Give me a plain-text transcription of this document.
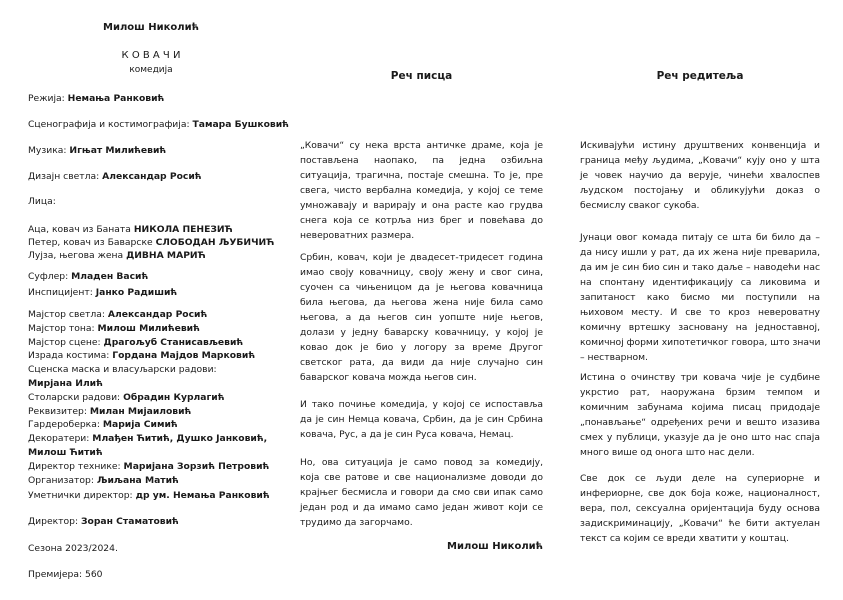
Милош Николић
К О В А Ч И
комедија
Режија: Немања Ранковић
Сценографија и костимографија: Тамара Бушковић
Музика: Игњат Милићевић
Дизајн светла: Александар Росић
Лица:
Аца, ковач из Баната НИКОЛА ПЕНЕЗИЋ
Петер, ковач из Баварске СЛОБОДАН ЉУБИЧИЋ
Лујза, његова жена ДИВНА МАРИЋ
Суфлер: Младен Васић
Инспицијент: Јанко Радишић
Мајстор светла: Александар Росић
Мајстор тона: Милош Милићевић
Мајстор сцене: Драгољуб Станисављевић
Израда костима: Гордана Мајдов Марковић
Сценска маска и власуљарски радови:
Мирјана Илић
Столарски радови: Обрадин Курлагић
Реквизитер: Милан Мијаиловић
Гардероберка: Марија Симић
Декоратери: Млађен Ћитић, Душко Јанковић,
Милош Ћитић
Директор технике: Маријана Зорзић Петровић
Организатор: Љиљана Матић
Уметнички директор: др ум. Немања Ранковић
Директор: Зоран Стаматовић
Сезона 2023/2024.
Премијера: 560
Реч писца
„Ковачи“ су нека врста античке драме, која је
постављена наопако, па једна озбиљна
ситуација, трагична, постаје смешна. То је, пре
свега, чисто вербална комедија, у којој се теме
умножавају и варирају и она расте као грудва
снега која се котрља низ брег и повећава до
невероватних размера.
Србин, ковач, који је двадесет-тридесет година
имао своју ковачницу, своју жену и свог сина,
суочен са чињеницом да је његова ковачница
била његова, да његова жена није била само
његова, а да његов син уопште није његов,
долази у једну баварску ковачницу, у којој је
ковао док је био у логору за време Другог
светског рата, да види да није случајно син
баварског ковача можда његов син.
И тако почиње комедија, у којој се испоставља
да је син Немца ковача, Србин, да је син Србина
ковача, Рус, а да је син Руса ковача, Немац.
Но, ова ситуација је само повод за комедију,
која све ратове и све национализме доводи до
крајњег бесмисла и говори да смо сви ипак само
један род и да имамо само један живот који се
трудимо да загорчамо.
Милош Николић
Реч редитеља
Искивајући истину друштвених конвенција и
граница међу људима, „Ковачи“ кују оно у шта
је човек научио да верује, чинећи хвалоспев
људском постојању и обликујући доказ о
бесмислу сваког сукоба.
Јунаци овог комада питају се шта би било да –
да нису ишли у рат, да их жена није преварила,
да им је син био син и тако даље – наводећи нас
на спонтану идентификацију са ликовима и
запитаност како бисмо ми поступили на
њиховом месту. И све то кроз невероватну
комичну вртешку засновану на једноставној,
комичној форми хипотетичког говора, што значи
– нестварном.
Истина о очинству три ковача чије је судбине
укрстио рат, наоружана брзим темпом и
комичним забунама којима писац придодаје
„понављање“ одређених речи и вешто изазива
смех у публици, указује да је оно што нас спаја
много више од онога што нас дели.
Све док се људи деле на супериорне и
инфериорне, све док боја коже, националност,
вера, пол, сексуална оријентација буду основа
задискриминацију, „Ковачи“ ће бити актуелан
текст са којим се вреди хватити у коштац.
